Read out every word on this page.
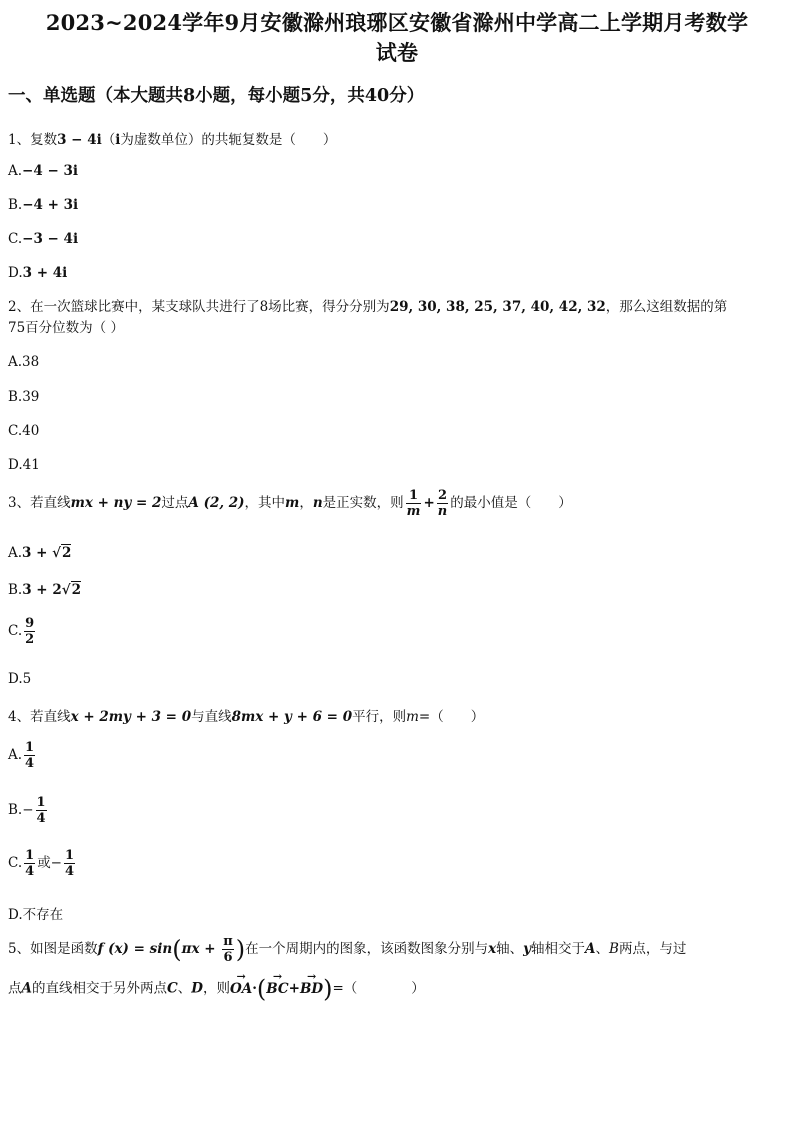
2023~2024学年9月安徽滁州琅琊区安徽省滁州中学高二上学期月考数学
试卷
一、单选题（本大题共8小题，每小题5分，共40分）
1、复数3 − 4i（i为虚数单位）的共轭复数是（　　）
A.−4 − 3i
B.−4 + 3i
C.−3 − 4i
D.3 + 4i
2、在一次篮球比赛中，某支球队共进行了8场比赛，得分分别为29, 30, 38, 25, 37, 40, 42, 32，那么这组数据的第
75百分位数为（ ）
A.38
B.39
C.40
D.41
3、若直线mx + ny = 2过点A (2, 2)，其中m，n是正实数，则 $\frac{1}{m} + \frac{2}{n}$ 的最小值是（　　）
A.3 + √2
B.3 + 2√2
C. $\frac{9}{2}$
D.5
4、若直线x + 2my + 3 = 0与直线8mx + y + 6 = 0平行，则m=（　　）
A. $\frac{1}{4}$
$B.- \frac{1}{4}$
C. $\frac{1}{4}$ 或− $\frac{1}{4}$
D.不存在
5、如图是函数f $(x) = \sin(\pi x + \frac{\pi}{6}$ )在一个周期内的图象，该函数图象分别与x轴、y轴相交于A、B两点，与过
点A的直线相交于另外两点C、D，则→ OA·(→ BC+→ BD)=（　　　　）
